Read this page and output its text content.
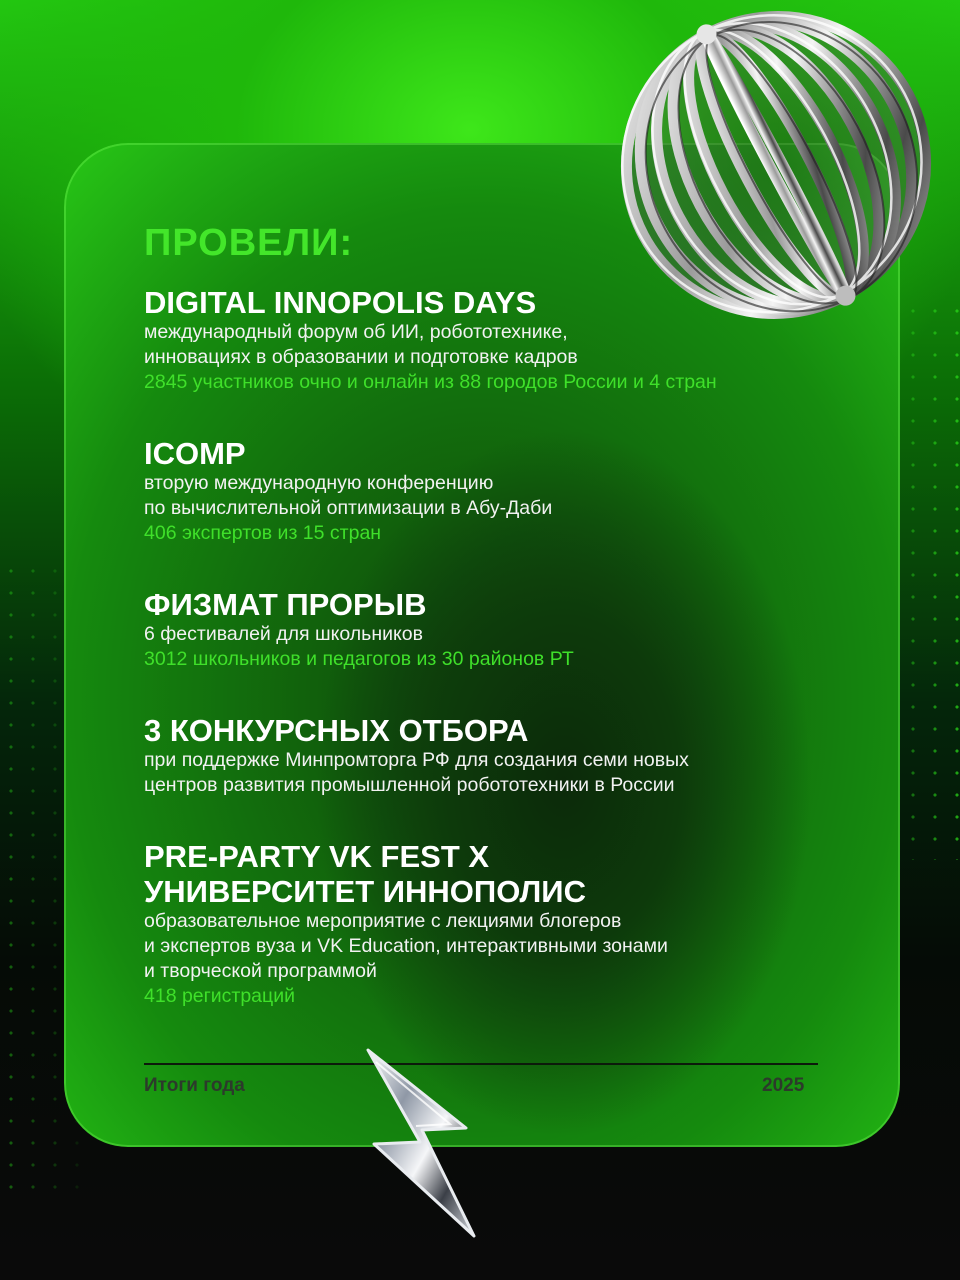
ПРОВЕЛИ:

DIGITAL INNOPOLIS DAYS

международный форум об ИИ, робототехнике,
инновациях в образовании и подготовке кадров

2845 участников очно и онлайн из 88 городов России и 4 стран

ICOMP

вторую международную конференцию
по вычислительной оптимизации в Абу-Даби

406 экспертов из 15 стран

ФИЗМАТ ПРОРЫВ

6 фестивалей для школьников

3012 школьников и педагогов из 30 районов РТ

3 КОНКУРСНЫХ ОТБОРА

при поддержке Минпромторга РФ для создания семи новых
центров развития промышленной робототехники в России

PRE-PARTY VK FEST X
УНИВЕРСИТЕТ ИННОПОЛИС

образовательное мероприятие с лекциями блогеров
и экспертов вуза и VK Education, интерактивными зонами
и творческой программой

418 регистраций

Итоги года	2025
